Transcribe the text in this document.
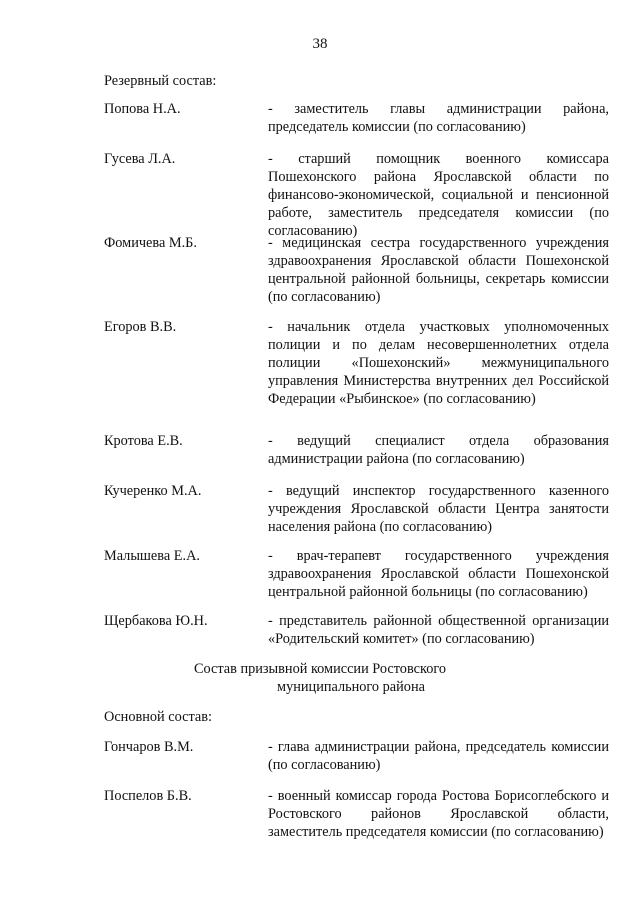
38
Резервный состав:
Попова Н.А.	- заместитель главы администрации района, председатель комиссии (по согласованию)
Гусева Л.А.	- старший помощник военного комиссара Пошехонского района Ярославской области по финансово-экономической, социальной и пенсионной работе, заместитель председателя комиссии (по согласованию)
Фомичева М.Б.	- медицинская сестра государственного учреждения здравоохранения Ярославской области Пошехонской центральной районной больницы, секретарь комиссии (по согласованию)
Егоров В.В.	- начальник отдела участковых уполномоченных полиции и по делам несовершеннолетних отдела полиции «Пошехонский» межмуниципального управления Министерства внутренних дел Российской Федерации «Рыбинское» (по согласованию)
Кротова Е.В.	- ведущий специалист отдела образования администрации района (по согласованию)
Кучеренко М.А.	- ведущий инспектор государственного казенного учреждения Ярославской области Центра занятости населения района (по согласованию)
Малышева Е.А.	- врач-терапевт государственного учреждения здравоохранения Ярославской области Пошехонской центральной районной больницы (по согласованию)
Щербакова Ю.Н.	- представитель районной общественной организации «Родительский комитет» (по согласованию)
Состав призывной комиссии Ростовского
муниципального района
Основной состав:
Гончаров В.М.	- глава администрации района, председатель комиссии (по согласованию)
Поспелов Б.В.	- военный комиссар города Ростова Борисоглебского и Ростовского районов Ярославской области, заместитель председателя комиссии (по согласованию)
